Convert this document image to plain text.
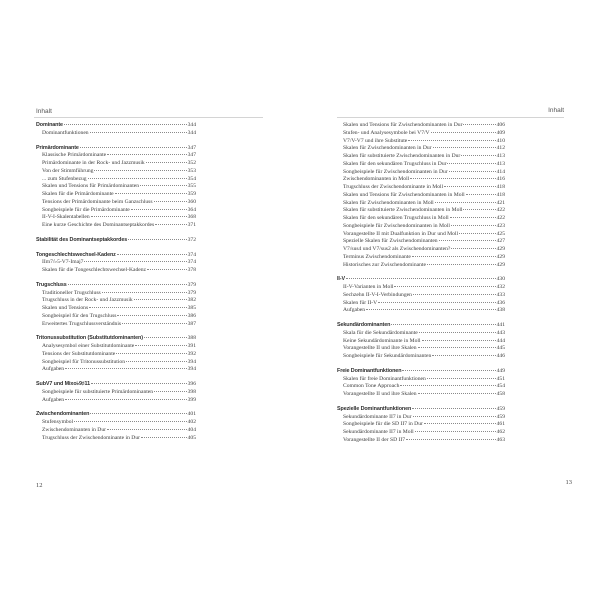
Inhalt
Dominante	344
Dominantfunktionen	344
Primärdominante	347
Klassische Primärdominante	347
Primärdominante in der Rock- und Jazzmusik	352
Von der Stimmführung	353
... zum Stufenbezug	354
Skalen und Tensions für Primärdominanten	355
Skalen für die Primärdominante	359
Tensions der Primärdominante beim Ganzschluss	360
Songbeispiele für die Primärdominante	364
II-V-I-Skalentabellen	368
Eine kurze Geschichte des Dominantseptakkordes	371
Stabilität des Dominantseptakkordes	372
Tongeschlechtswechsel-Kadenz	374
IIm7/♭5-V7-Imaj7	374
Skalen für die Tongeschlechtswechsel-Kadenz	378
Trugschluss	379
Traditioneller Trugschluss	379
Trugschluss in der Rock- und Jazzmusik	382
Skalen und Tensions	385
Songbeispiel für den Trugschluss	386
Erweitertes Trugschlussverständnis	387
Tritonussubstitution (Substitutdominanten)	388
Analysesymbol einer Substitutdominante	391
Tensions der Substitutdominante	392
Songbeispiel für Tritonussubstitution	394
Aufgaben	394
SubV7 und Mixo♭9♯11	396
Songbeispiele für substituierte Primärdominanten	398
Aufgaben	399
Zwischendominanten	401
Stufensymbol	402
Zwischendominanten in Dur	404
Trugschluss der Zwischendominante in Dur	405
12
Inhalt
Skalen und Tensions für Zwischendominanten in Dur	406
Stufen- und Analysesymbole bei V7/V	409
V7/V-V7 und ihre Substitute	410
Skalen für Zwischendominanten in Dur	412
Skalen für substituierte Zwischendominanten in Dur	413
Skalen für den sekundären Trugschluss in Dur	413
Songbeispiele für Zwischendominanten in Dur	414
Zwischendominanten in Moll	416
Trugschluss der Zwischendominante in Moll	418
Skalen und Tensions für Zwischendominanten in Moll	418
Skalen für Zwischendominanten in Moll	421
Skalen für substituierte Zwischendominanten in Moll	422
Skalen für den sekundären Trugschluss in Moll	422
Songbeispiele für Zwischendominanten in Moll	423
Vorangestellte II mit Dualfunktion in Dur und Moll	425
Spezielle Skalen für Zwischendominanten	427
V7/sus4 und V7/sus2 als Zwischendominanten?	429
Terminus Zwischendominante	429
Historisches zur Zwischendominante	429
II-V	430
II-V-Varianten in Moll	432
Sechzehn II-V-I-Verbindungen	433
Skalen für II-V	436
Aufgaben	438
Sekundärdominanten	441
Skala für die Sekundärdominante	443
Keine Sekundärdominante in Moll	444
Vorangestellte II und ihre Skalen	445
Songbeispiele für Sekundärdominanten	446
Freie Dominantfunktionen	449
Skalen für freie Dominantfunktionen	451
Common Tone Approach	454
Vorangestellte II und ihre Skalen	458
Spezielle Dominantfunktionen	459
Sekundärdominante II7 in Dur	459
Songbeispiele für die SD II7 in Dur	461
Sekundärdominante II7 in Moll	462
Vorangestellte II der SD II7	463
13
